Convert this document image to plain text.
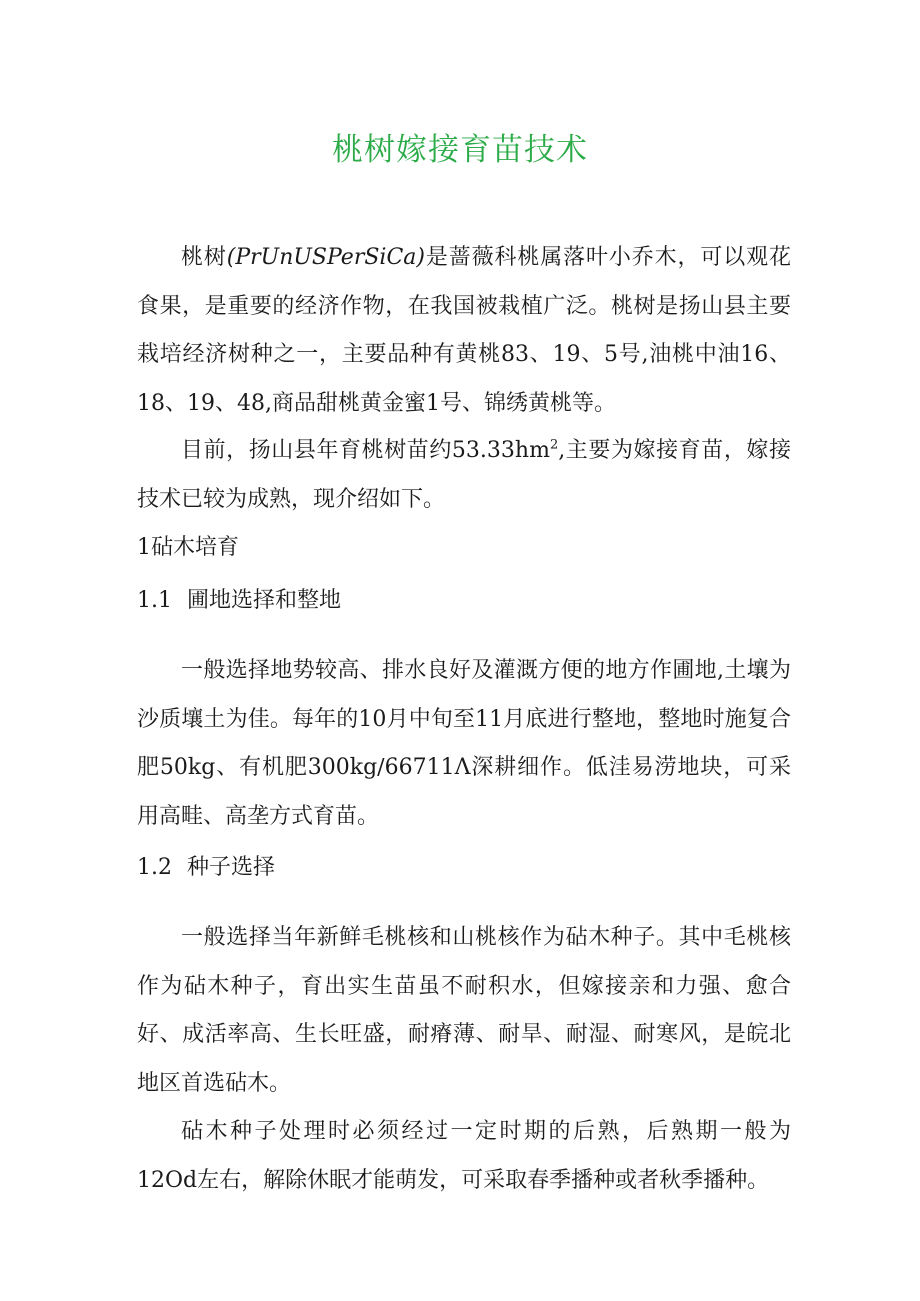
桃树嫁接育苗技术

桃树(PrUnUSPerSiCa)是蔷薇科桃属落叶小乔木，可以观花食果，是重要的经济作物，在我国被栽植广泛。桃树是扬山县主要栽培经济树种之一，主要品种有黄桃83、19、5号,油桃中油16、18、19、48,商品甜桃黄金蜜1号、锦绣黄桃等。

目前，扬山县年育桃树苗约$53.33hm^2$,主要为嫁接育苗，嫁接技术已较为成熟，现介绍如下。

1砧木培育
1.1 圃地选择和整地

一般选择地势较高、排水良好及灌溉方便的地方作圃地,土壤为沙质壤土为佳。每年的10月中旬至11月底进行整地，整地时施复合肥50kg、有机肥300kg∕66711Λ深耕细作。低洼易涝地块，可采用高畦、高垄方式育苗。

1.2 种子选择

一般选择当年新鲜毛桃核和山桃核作为砧木种子。其中毛桃核作为砧木种子，育出实生苗虽不耐积水，但嫁接亲和力强、愈合好、成活率高、生长旺盛，耐瘠薄、耐旱、耐湿、耐寒风，是皖北地区首选砧木。

砧木种子处理时必须经过一定时期的后熟，后熟期一般为12Od左右，解除休眠才能萌发，可采取春季播种或者秋季播种。
